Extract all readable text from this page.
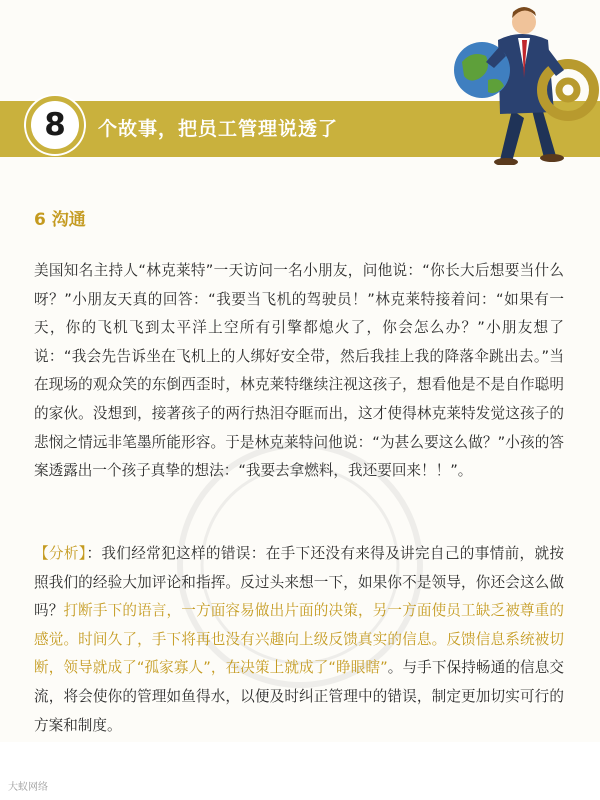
8 个故事，把员工管理说透了
6 沟通
美国知名主持人“林克莱特”一天访问一名小朋友，问他说：“你长大后想要当什么呀？”小朋友天真的回答：“我要当飞机的驾驶员！”林克莱特接着问：“如果有一天，你的飞机飞到太平洋上空所有引擎都熄火了，你会怎么办？”小朋友想了说：“我会先告诉坐在飞机上的人绑好安全带，然后我挂上我的降落伞跳出去。”当在现场的观众笑的东倒西歪时，林克莱特继续注视这孩子，想看他是不是自作聪明的家伙。没想到，接著孩子的两行热泪夺眶而出，这才使得林克莱特发觉这孩子的悲悯之情远非笔墨所能形容。于是林克莱特问他说：“为甚么要这么做？”小孩的答案透露出一个孩子真挚的想法：“我要去拿燃料，我还要回来！！”。
【分析】：我们经常犯这样的错误：在手下还没有来得及讲完自己的事情前，就按照我们的经验大加评论和指挥。反过头来想一下，如果你不是领导，你还会这么做吗？打断手下的语言，一方面容易做出片面的决策，另一方面使员工缺乏被尊重的感觉。时间久了，手下将再也没有兴趣向上级反馈真实的信息。反馈信息系统被切断，领导就成了“孤家寡人”，在决策上就成了“睁眼瞎”。与手下保持畅通的信息交流，将会使你的管理如鱼得水，以便及时纠正管理中的错误，制定更加切实可行的方案和制度。
大蚁网络
